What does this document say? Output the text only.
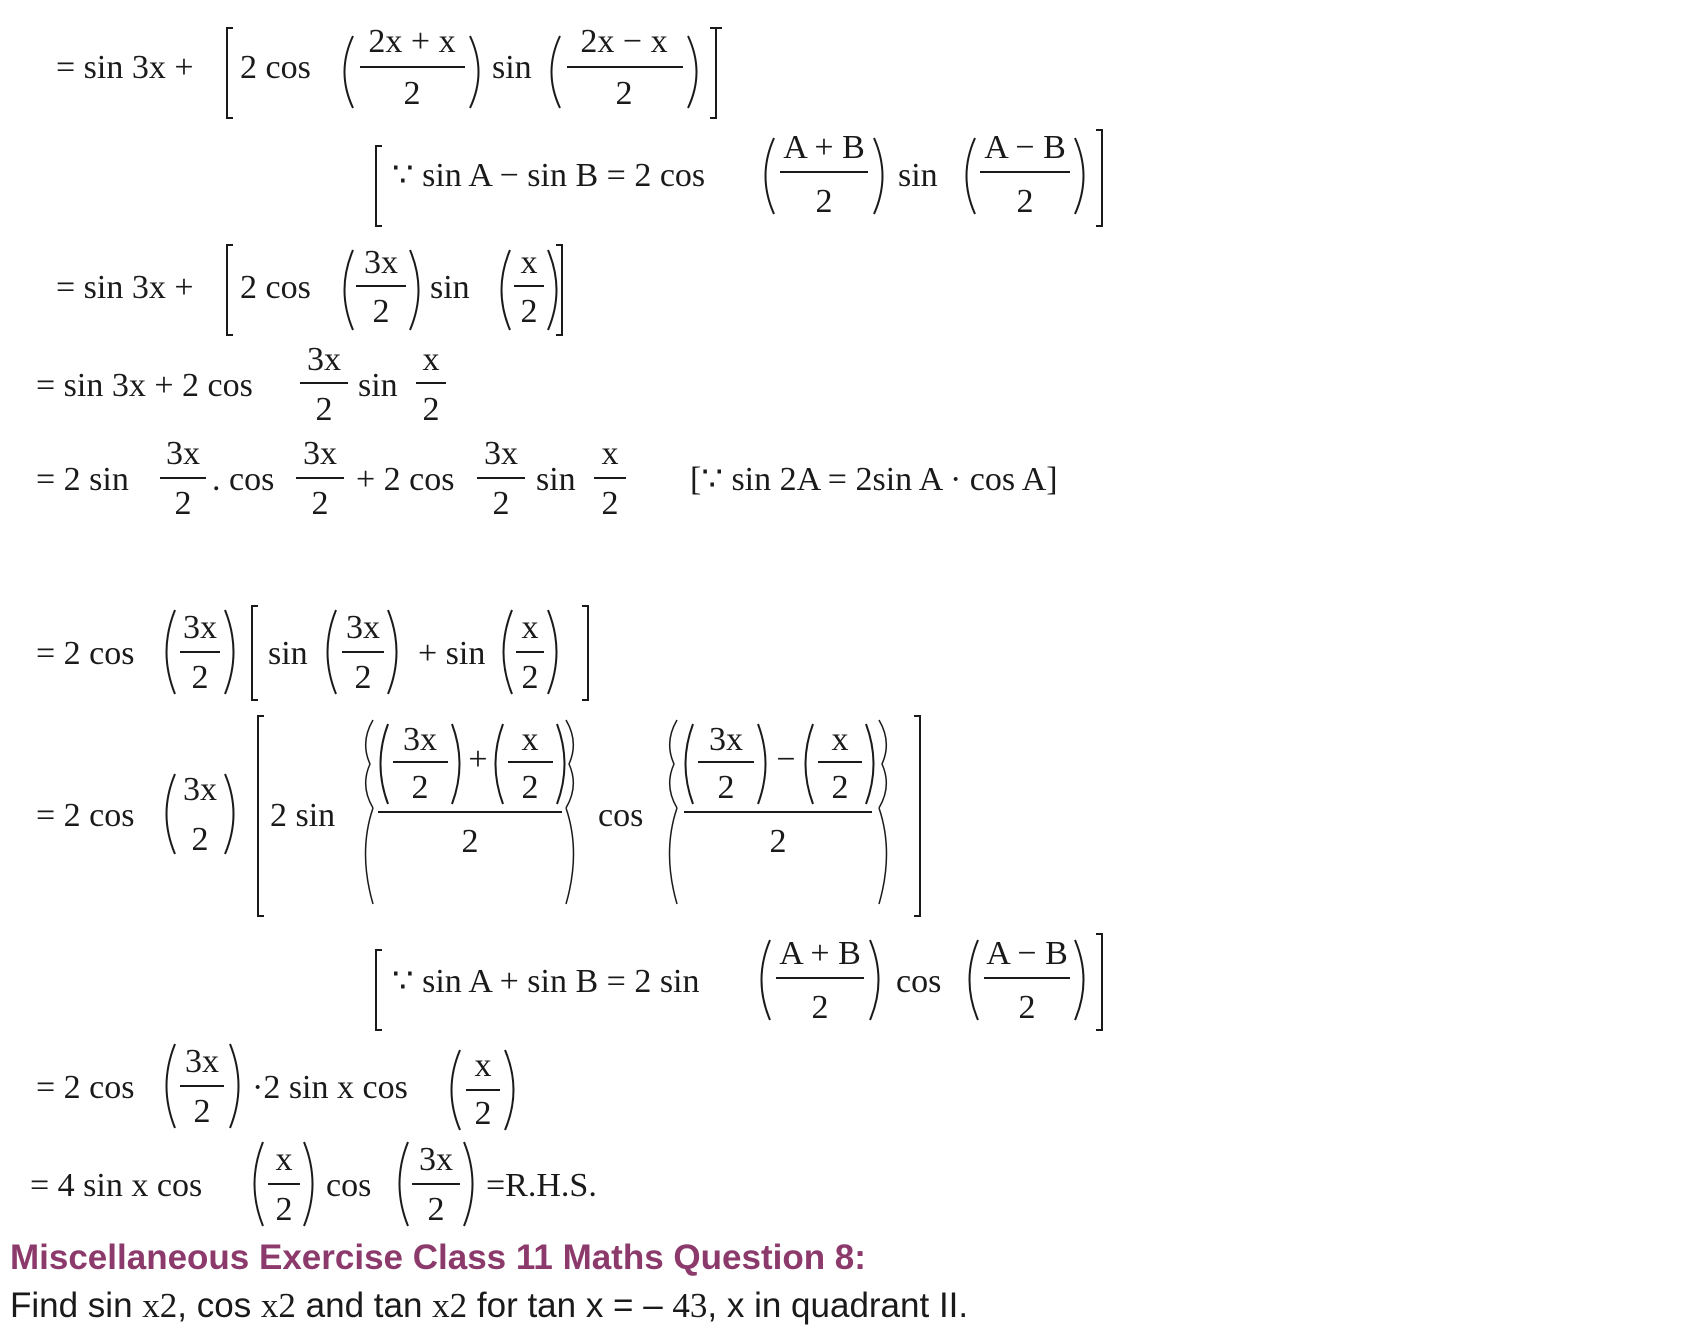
= sin 3x + 2 cos
2x + x
2
sin
2x − x
2
∵ sin A − sin B = 2 cos
A + B
2
sin
A − B
2
= sin 3x + 2 cos
3x
2
sin
x
2
= sin 3x + 2 cos
3x
2
sin
x
2
= 2 sin
3x
2
. cos
3x
2
+ 2 cos
3x
2
sin
x
2
[∵ sin 2A = 2sin A · cos A]
= 2 cos
3x
2
sin
3x
2
+ sin
x
2
= 2 cos
3x
2
2 sin
3x
2
+
x
2
2
cos
3x
2
−
x
2
2
∵ sin A + sin B = 2 sin
A + B
2
cos
A − B
2
= 2 cos
3x
2
·2 sin x cos
x
2
= 4 sin x cos
x
2
cos
3x
2
=R.H.S.
Miscellaneous Exercise Class 11 Maths Question 8:
Find sin x2, cos x2 and tan x2 for tan x = – 43, x in quadrant II.
